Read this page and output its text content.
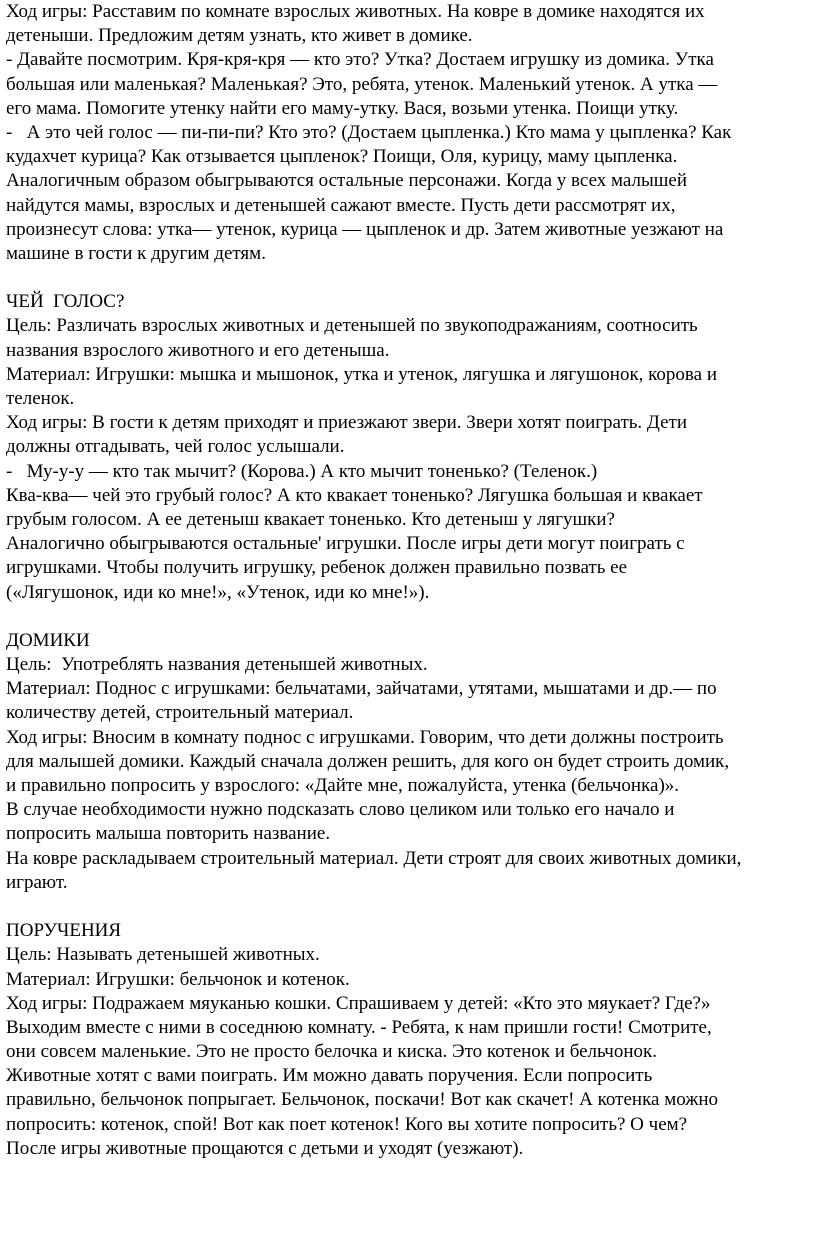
Ход игры: Расставим по комнате взрослых животных. На ковре в домике находятся их
детеныши. Предложим детям узнать, кто живет в домике.
- Давайте посмотрим. Кря-кря-кря — кто это? Утка? Достаем игрушку из домика. Утка
большая или маленькая? Маленькая? Это, ребята, утенок. Маленький утенок. А утка —
его мама. Помогите утенку найти его маму-утку. Вася, возьми утенка. Поищи утку.
-   А это чей голос — пи-пи-пи? Кто это? (Достаем цыпленка.) Кто мама у цыпленка? Как
кудахчет курица? Как отзывается цыпленок? Поищи, Оля, курицу, маму цыпленка.
Аналогичным образом обыгрываются остальные персонажи. Когда у всех малышей
найдутся мамы, взрослых и детенышей сажают вместе. Пусть дети рассмотрят их,
произнесут слова: утка— утенок, курица — цыпленок и др. Затем животные уезжают на
машине в гости к другим детям.
ЧЕЙ  ГОЛОС?
Цель: Различать взрослых животных и детенышей по звукоподражаниям, соотносить
названия взрослого животного и его детеныша.
Материал: Игрушки: мышка и мышонок, утка и утенок, лягушка и лягушонок, корова и
теленок.
Ход игры: В гости к детям приходят и приезжают звери. Звери хотят поиграть. Дети
должны отгадывать, чей голос услышали.
-   Му-у-у — кто так мычит? (Корова.) А кто мычит тоненько? (Теленок.)
Ква-ква— чей это грубый голос? А кто квакает тоненько? Лягушка большая и квакает
грубым голосом. А ее детеныш квакает тоненько. Кто детеныш у лягушки?
Аналогично обыгрываются остальные' игрушки. После игры дети могут поиграть с
игрушками. Чтобы получить игрушку, ребенок должен правильно позвать ее
(«Лягушонок, иди ко мне!», «Утенок, иди ко мне!»).
ДОМИКИ
Цель:  Употреблять названия детенышей животных.
Материал: Поднос с игрушками: бельчатами, зайчатами, утятами, мышатами и др.— по
количеству детей, строительный материал.
Ход игры: Вносим в комнату поднос с игрушками. Говорим, что дети должны построить
для малышей домики. Каждый сначала должен решить, для кого он будет строить домик,
и правильно попросить у взрослого: «Дайте мне, пожалуйста, утенка (бельчонка)».
В случае необходимости нужно подсказать слово целиком или только его начало и
попросить малыша повторить название.
На ковре раскладываем строительный материал. Дети строят для своих животных домики,
играют.
ПОРУЧЕНИЯ
Цель: Называть детенышей животных.
Материал: Игрушки: бельчонок и котенок.
Ход игры: Подражаем мяуканью кошки. Спрашиваем у детей: «Кто это мяукает? Где?»
Выходим вместе с ними в соседнюю комнату. - Ребята, к нам пришли гости! Смотрите,
они совсем маленькие. Это не просто белочка и киска. Это котенок и бельчонок.
Животные хотят с вами поиграть. Им можно давать поручения. Если попросить
правильно, бельчонок попрыгает. Бельчонок, поскачи! Вот как скачет! А котенка можно
попросить: котенок, спой! Вот как поет котенок! Кого вы хотите попросить? О чем?
После игры животные прощаются с детьми и уходят (уезжают).
